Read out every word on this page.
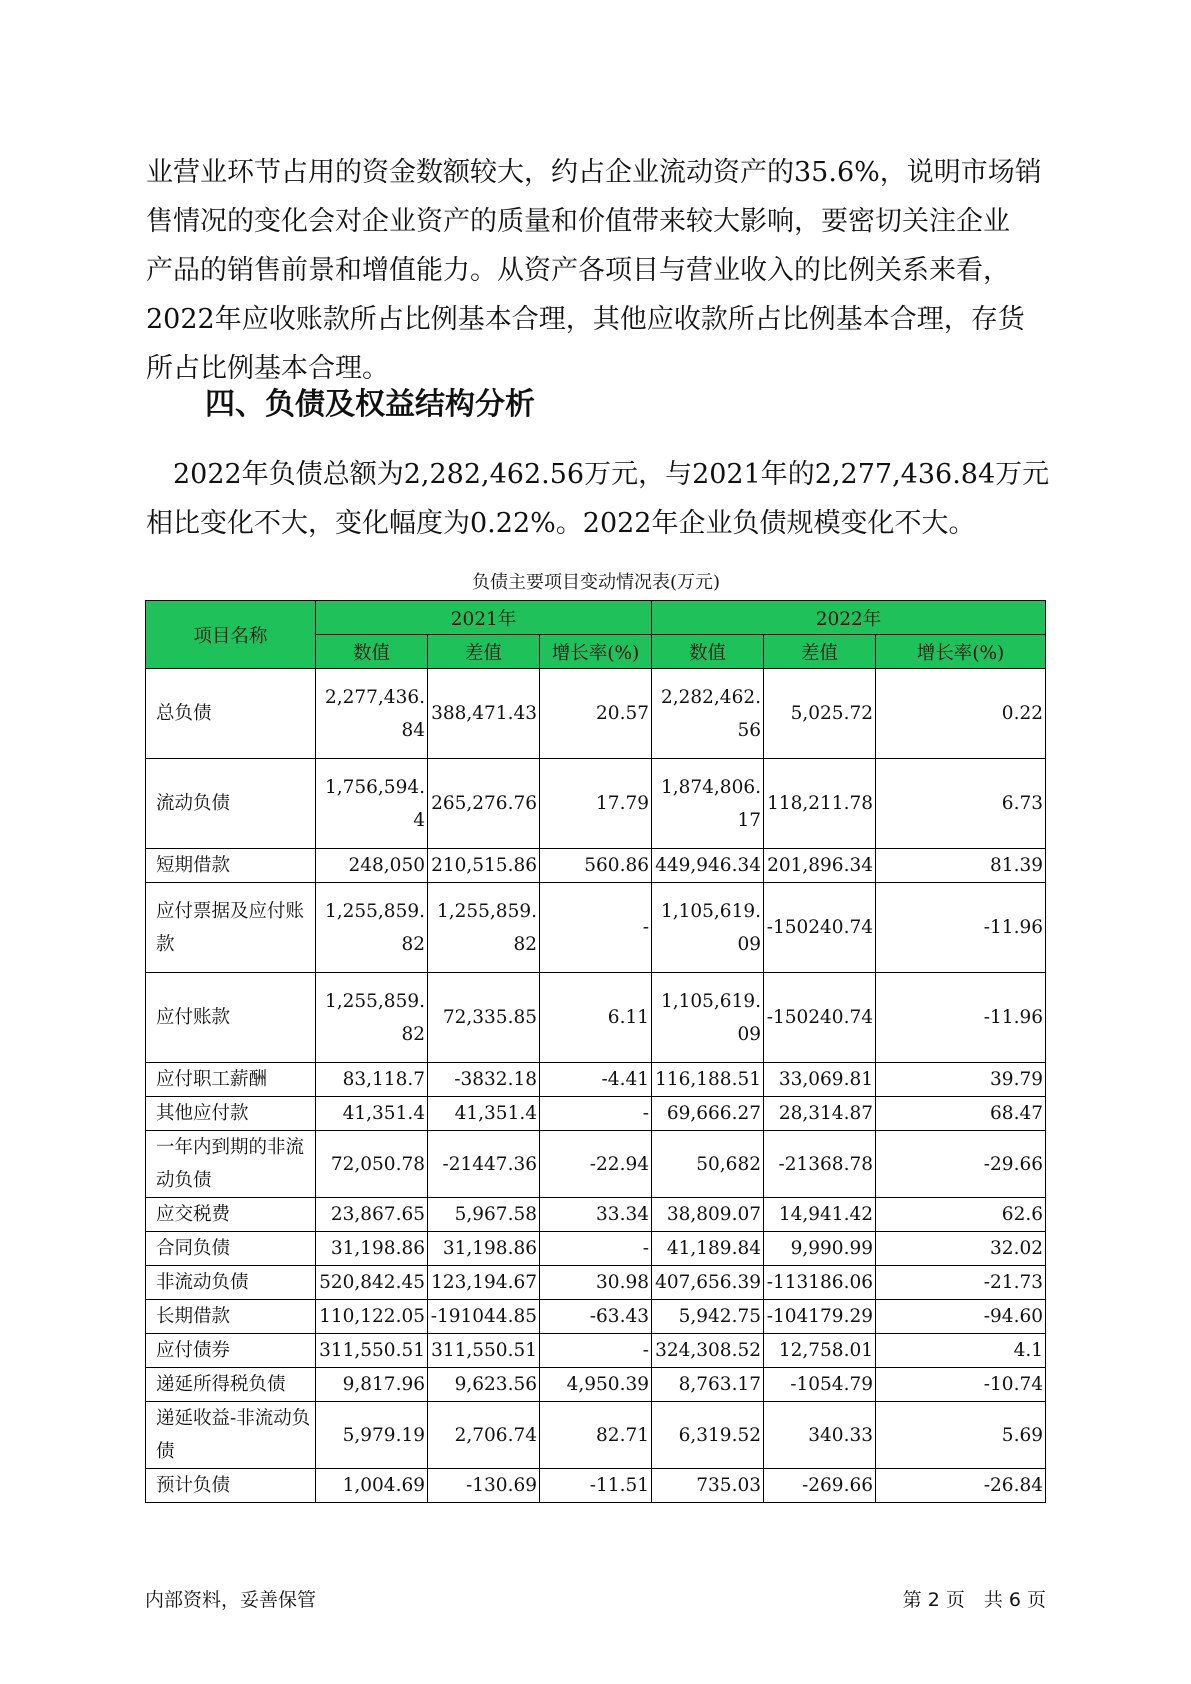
业营业环节占用的资金数额较大，约占企业流动资产的35.6%，说明市场销
售情况的变化会对企业资产的质量和价值带来较大影响，要密切关注企业
产品的销售前景和增值能力。从资产各项目与营业收入的比例关系来看，
2022年应收账款所占比例基本合理，其他应收款所占比例基本合理，存货
所占比例基本合理。
四、负债及权益结构分析
　2022年负债总额为2,282,462.56万元，与2021年的2,277,436.84万元
相比变化不大，变化幅度为0.22%。2022年企业负债规模变化不大。

负债主要项目变动情况表(万元)

项目名称	2021年			2022年		
	数值	差值	增长率(%)	数值	差值	增长率(%)
总负债	2,277,436.84	388,471.43	20.57	2,282,462.56	5,025.72	0.22
流动负债	1,756,594.4	265,276.76	17.79	1,874,806.17	118,211.78	6.73
短期借款	248,050	210,515.86	560.86	449,946.34	201,896.34	81.39
应付票据及应付账款	1,255,859.82	1,255,859.82	-	1,105,619.09	-150240.74	-11.96
应付账款	1,255,859.82	72,335.85	6.11	1,105,619.09	-150240.74	-11.96
应付职工薪酬	83,118.7	-3832.18	-4.41	116,188.51	33,069.81	39.79
其他应付款	41,351.4	41,351.4	-	69,666.27	28,314.87	68.47
一年内到期的非流动负债	72,050.78	-21447.36	-22.94	50,682	-21368.78	-29.66
应交税费	23,867.65	5,967.58	33.34	38,809.07	14,941.42	62.6
合同负债	31,198.86	31,198.86	-	41,189.84	9,990.99	32.02
非流动负债	520,842.45	123,194.67	30.98	407,656.39	-113186.06	-21.73
长期借款	110,122.05	-191044.85	-63.43	5,942.75	-104179.29	-94.60
应付债券	311,550.51	311,550.51	-	324,308.52	12,758.01	4.1
递延所得税负债	9,817.96	9,623.56	4,950.39	8,763.17	-1054.79	-10.74
递延收益-非流动负债	5,979.19	2,706.74	82.71	6,319.52	340.33	5.69
预计负债	1,004.69	-130.69	-11.51	735.03	-269.66	-26.84
内部资料，妥善保管	第 2 页　共 6 页
